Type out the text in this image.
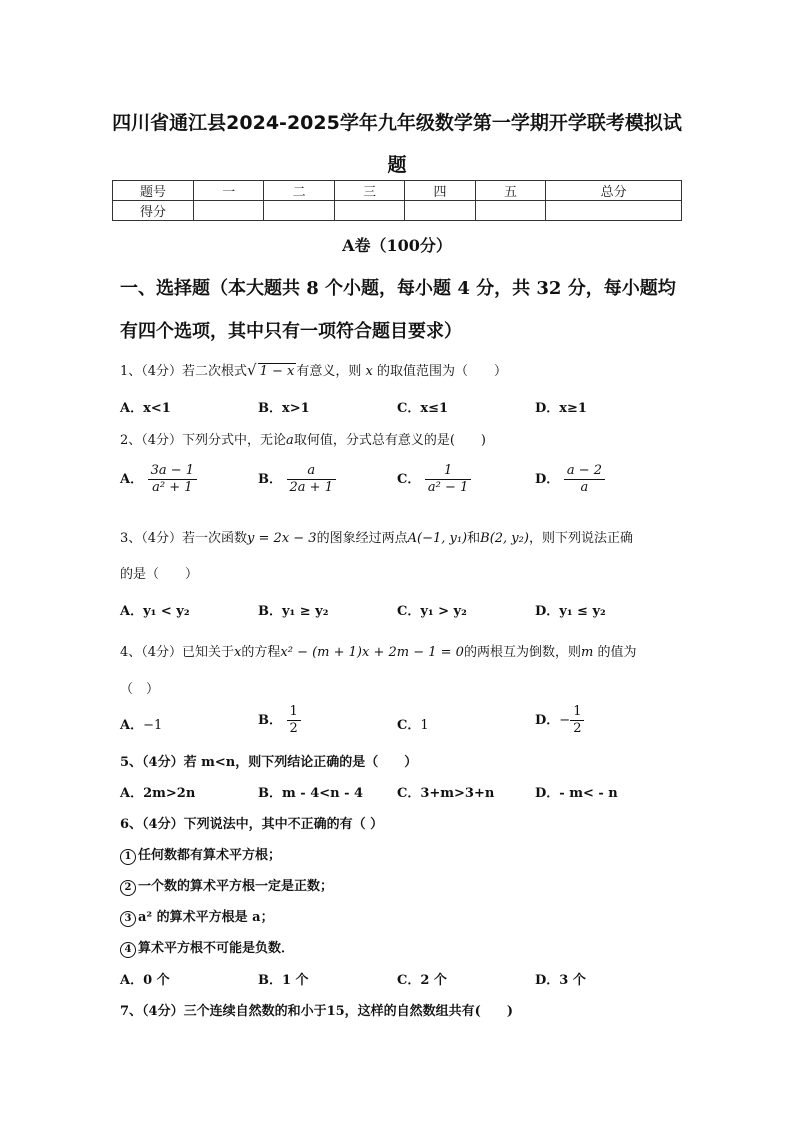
四川省通江县2024-2025学年九年级数学第一学期开学联考模拟试
题
题号	一	二	三	四	五	总分
得分						
A卷（100分）
一、选择题（本大题共 8 个小题，每小题 4 分，共 32 分，每小题均
有四个选项，其中只有一项符合题目要求）
1、（4分）若二次根式√ 1 − x 有意义，则 x 的取值范围为（　　）
A．x<1	B．x>1	C．x≤1	D．x≥1
2、（4分）下列分式中，无论a取何值，分式总有意义的是(　　)
A． $\frac{3a - 1}{\text{a² + 1}}$	B． $\frac{a}{2a + 1}$	C． $\frac{1}{\text{a² − 1}}$	D． $\frac{a - 2}{a}$
3、（4分）若一次函数y = 2x − 3的图象经过两点A(−1, y₁)和B(2, y₂)，则下列说法正确
的是（　　）
A．y₁ < y₂	B．y₁ ≥ y₂	C．y₁ > y₂	D．y₁ ≤ y₂
4、（4分）已知关于x的方程x² − (m + 1)x + 2m − 1 = 0的两根互为倒数，则m 的值为
（　）
A．−1	B． $\frac{1}{2}$	C．1	D．− $\frac{1}{2}$
5、（4分）若 m<n，则下列结论正确的是（　　）
A．2m>2n	B．m - 4<n - 4	C．3+m>3+n	D．- m< - n
6、（4分）下列说法中，其中不正确的有（ ）
1 任何数都有算术平方根；
2 一个数的算术平方根一定是正数；
3 a² 的算术平方根是 a；
4 算术平方根不可能是负数．
A．0 个	B．1 个	C．2 个	D．3 个
7、（4分）三个连续自然数的和小于15，这样的自然数组共有(　　)
